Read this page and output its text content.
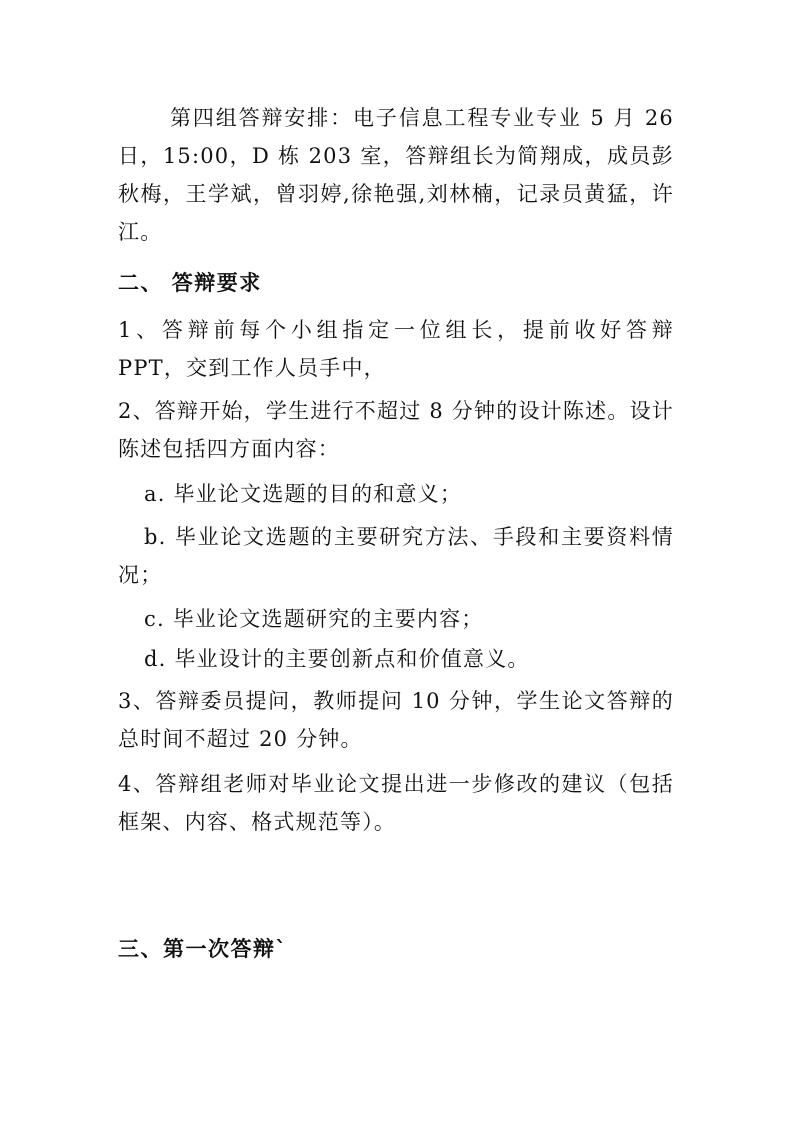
第四组答辩安排：电子信息工程专业专业 5 月 26 日，15:00，D 栋 203 室，答辩组长为简翔成，成员彭秋梅，王学斌，曾羽婷,徐艳强,刘林楠，记录员黄猛，许江。
二、 答辩要求
1、答辩前每个小组指定一位组长，提前收好答辩 PPT，交到工作人员手中，
2、答辩开始，学生进行不超过 8 分钟的设计陈述。设计陈述包括四方面内容：
a. 毕业论文选题的目的和意义；
b. 毕业论文选题的主要研究方法、手段和主要资料情况；
c. 毕业论文选题研究的主要内容；
d. 毕业设计的主要创新点和价值意义。
3、答辩委员提问，教师提问 10 分钟，学生论文答辩的总时间不超过 20 分钟。
4、答辩组老师对毕业论文提出进一步修改的建议（包括框架、内容、格式规范等）。
三、第一次答辩`
